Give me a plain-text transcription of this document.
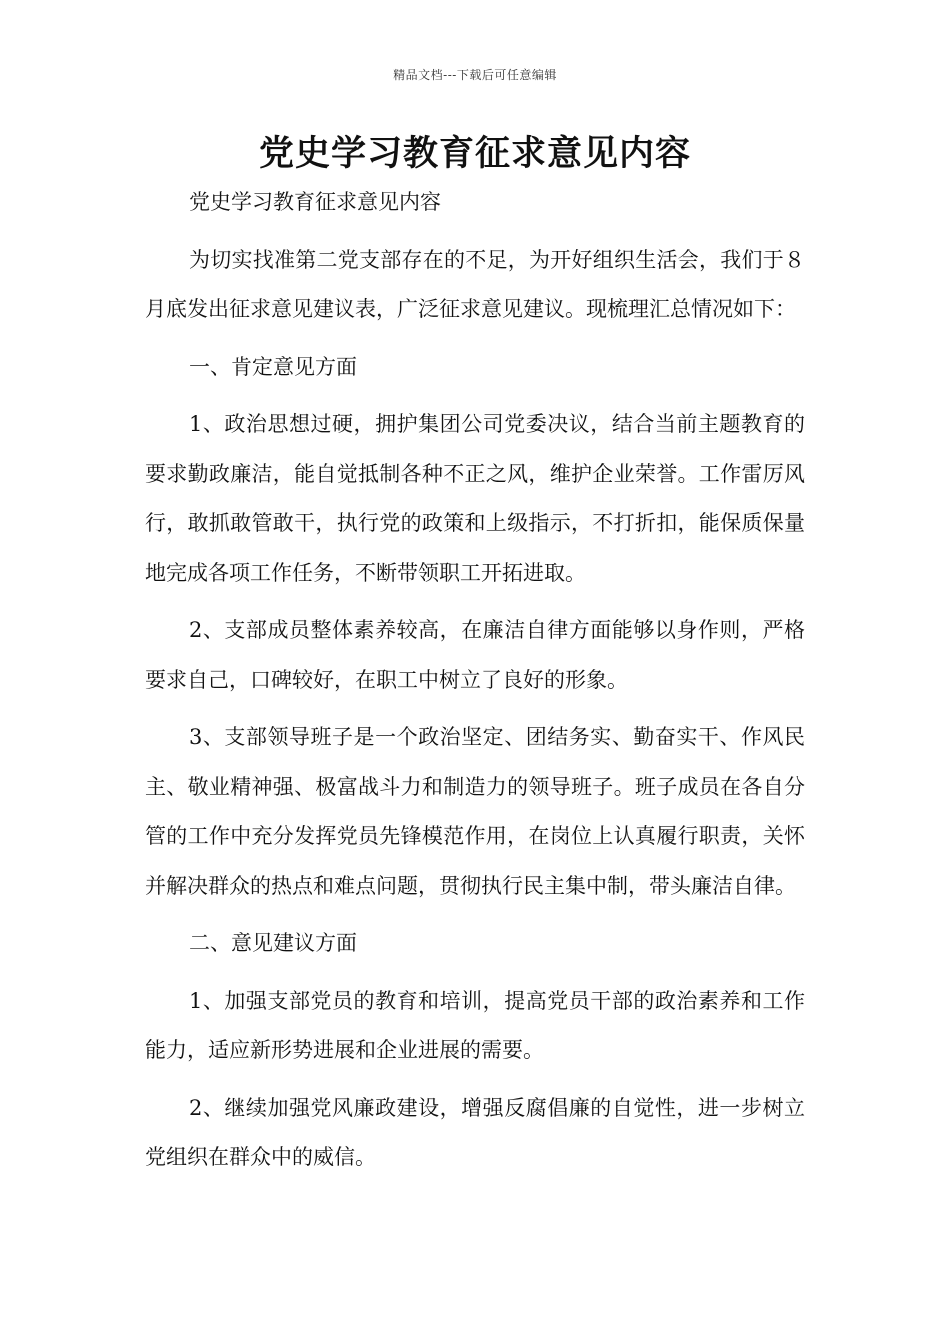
精品文档---下载后可任意编辑
党史学习教育征求意见内容

党史学习教育征求意见内容

为切实找准第二党支部存在的不足，为开好组织生活会，我们于８月底发出征求意见建议表，广泛征求意见建议。现梳理汇总情况如下：

一、肯定意见方面

1、政治思想过硬，拥护集团公司党委决议，结合当前主题教育的要求勤政廉洁，能自觉抵制各种不正之风，维护企业荣誉。工作雷厉风行，敢抓敢管敢干，执行党的政策和上级指示，不打折扣，能保质保量地完成各项工作任务，不断带领职工开拓进取。

2、支部成员整体素养较高，在廉洁自律方面能够以身作则，严格要求自己，口碑较好，在职工中树立了良好的形象。

3、支部领导班子是一个政治坚定、团结务实、勤奋实干、作风民主、敬业精神强、极富战斗力和制造力的领导班子。班子成员在各自分管的工作中充分发挥党员先锋模范作用，在岗位上认真履行职责，关怀并解决群众的热点和难点问题，贯彻执行民主集中制，带头廉洁自律。

二、意见建议方面

1、加强支部党员的教育和培训，提高党员干部的政治素养和工作能力，适应新形势进展和企业进展的需要。

2、继续加强党风廉政建设，增强反腐倡廉的自觉性，进一步树立党组织在群众中的威信。
